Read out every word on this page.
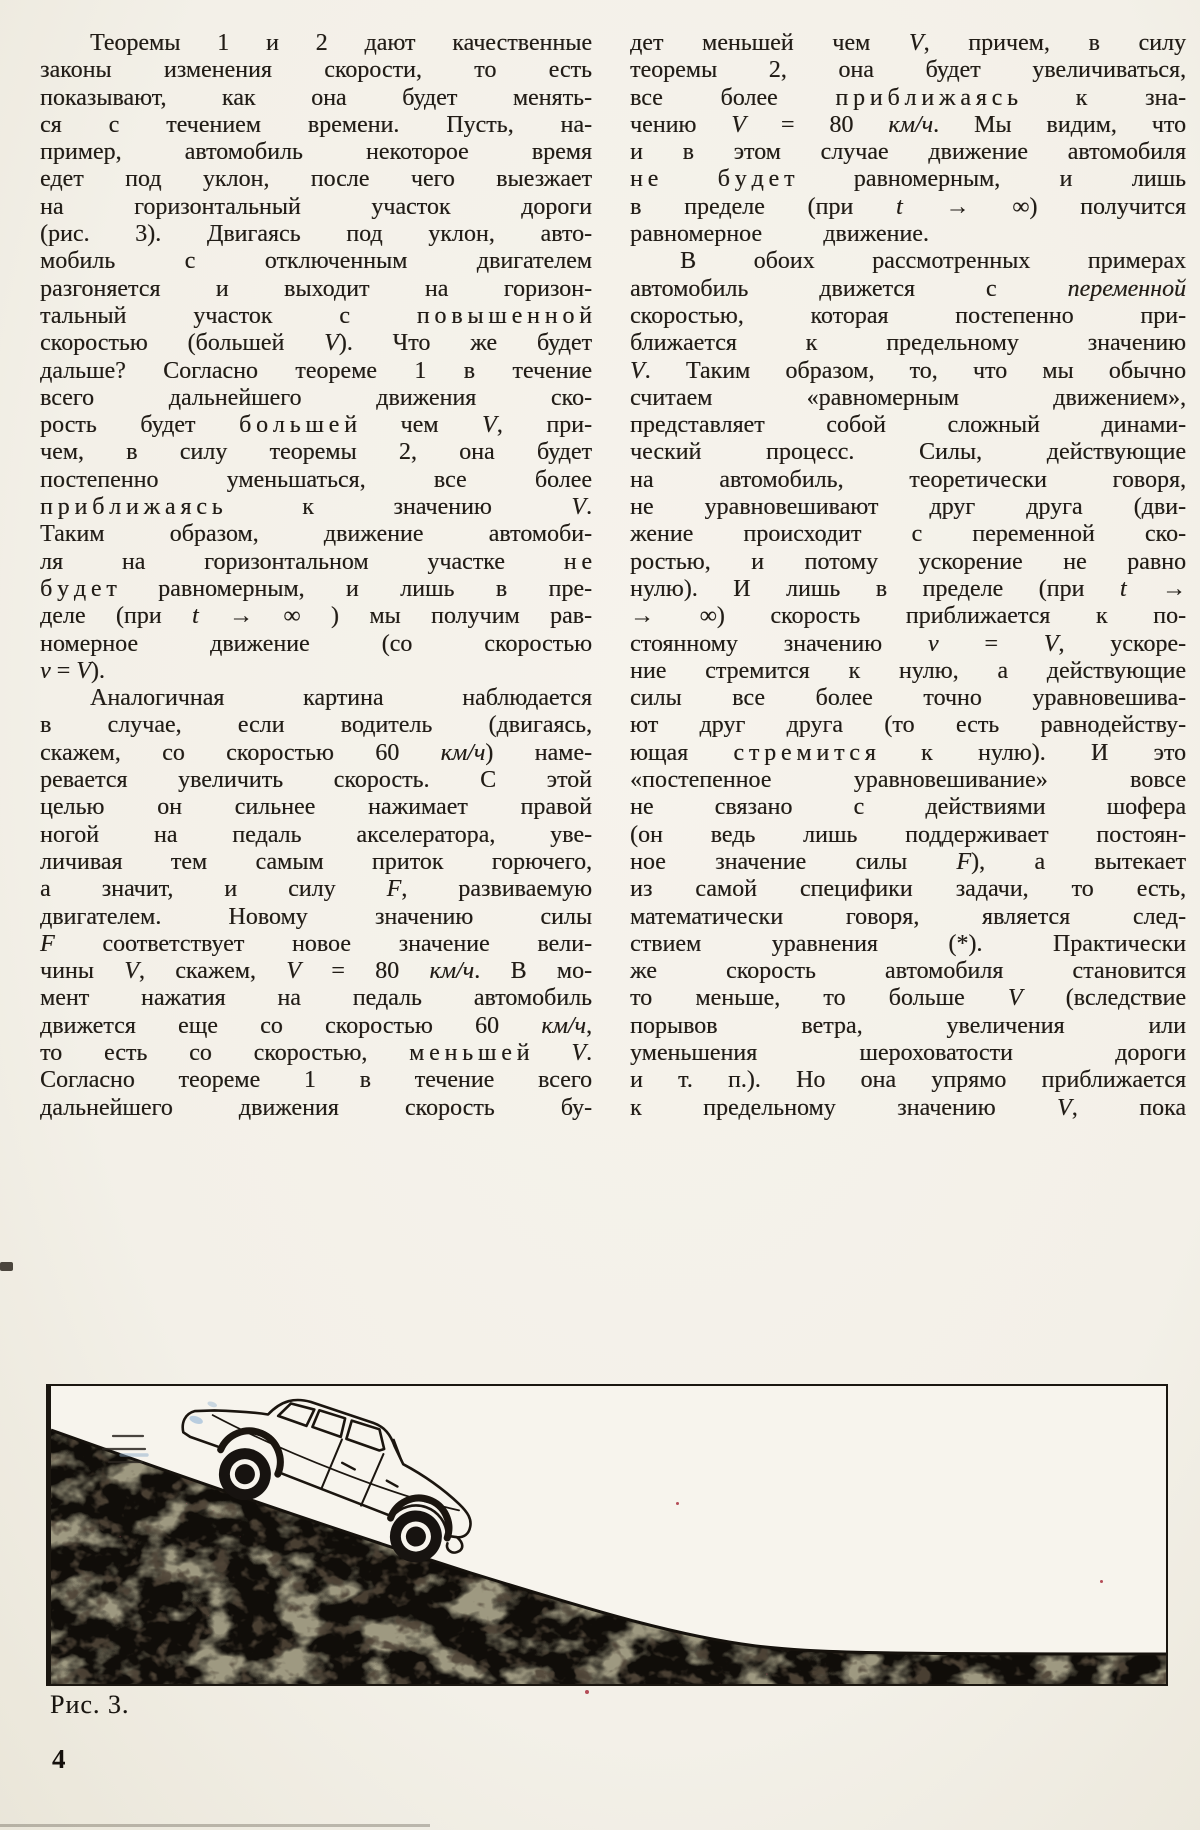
Теоремы 1 и 2 дают качественные
законы изменения скорости, то есть
показывают, как она будет менять-
ся с течением времени. Пусть, на-
пример, автомобиль некоторое время
едет под уклон, после чего выезжает
на горизонтальный участок дороги
(рис. 3). Двигаясь под уклон, авто-
мобиль с отключенным двигателем
разгоняется и выходит на горизон-
тальный участок с п о в ы ш е н н о й
скоростью (большей V). Что же будет
дальше? Согласно теореме 1 в течение
всего дальнейшего движения ско-
рость будет б о л ь ш е й чем V, при-
чем, в силу теоремы 2, она будет
постепенно уменьшаться, все более
п р и б л и ж а я с ь к значению V.
Таким образом, движение автомоби-
ля на горизонтальном участке н е
б у д е т равномерным, и лишь в пре-
деле (при t → ∞ ) мы получим рав-
номерное движение (со скоростью
v = V).
Аналогичная картина наблюдается
в случае, если водитель (двигаясь,
скажем, со скоростью 60 км/ч) наме-
ревается увеличить скорость. С этой
целью он сильнее нажимает правой
ногой на педаль акселератора, уве-
личивая тем самым приток горючего,
а значит, и силу F, развиваемую
двигателем. Новому значению силы
F соответствует новое значение вели-
чины V, скажем, V = 80 км/ч. В мо-
мент нажатия на педаль автомобиль
движется еще со скоростью 60 км/ч,
то есть со скоростью, м е н ь ш е й V.
Согласно теореме 1 в течение всего
дальнейшего движения скорость бу-
дет меньшей чем V, причем, в силу
теоремы 2, она будет увеличиваться,
все более п р и б л и ж а я с ь к зна-
чению V = 80 км/ч. Мы видим, что
и в этом случае движение автомобиля
н е б у д е т равномерным, и лишь
в пределе (при t → ∞) получится
равномерное движение.
В обоих рассмотренных примерах
автомобиль движется с переменной
скоростью, которая постепенно при-
ближается к предельному значению
V. Таким образом, то, что мы обычно
считаем «равномерным движением»,
представляет собой сложный динами-
ческий процесс. Силы, действующие
на автомобиль, теоретически говоря,
не уравновешивают друг друга (дви-
жение происходит с переменной ско-
ростью, и потому ускорение не равно
нулю). И лишь в пределе (при t →
→ ∞) скорость приближается к по-
стоянному значению v = V, ускоре-
ние стремится к нулю, а действующие
силы все более точно уравновешива-
ют друг друга (то есть равнодейству-
ющая с т р е м и т с я к нулю). И это
«постепенное уравновешивание» вовсе
не связано с действиями шофера
(он ведь лишь поддерживает постоян-
ное значение силы F), а вытекает
из самой специфики задачи, то есть,
математически говоря, является след-
ствием уравнения (*). Практически
же скорость автомобиля становится
то меньше, то больше V (вследствие
порывов ветра, увеличения или
уменьшения шероховатости дороги
и т. п.). Но она упрямо приближается
к предельному значению V, пока
Рис. 3.
4
